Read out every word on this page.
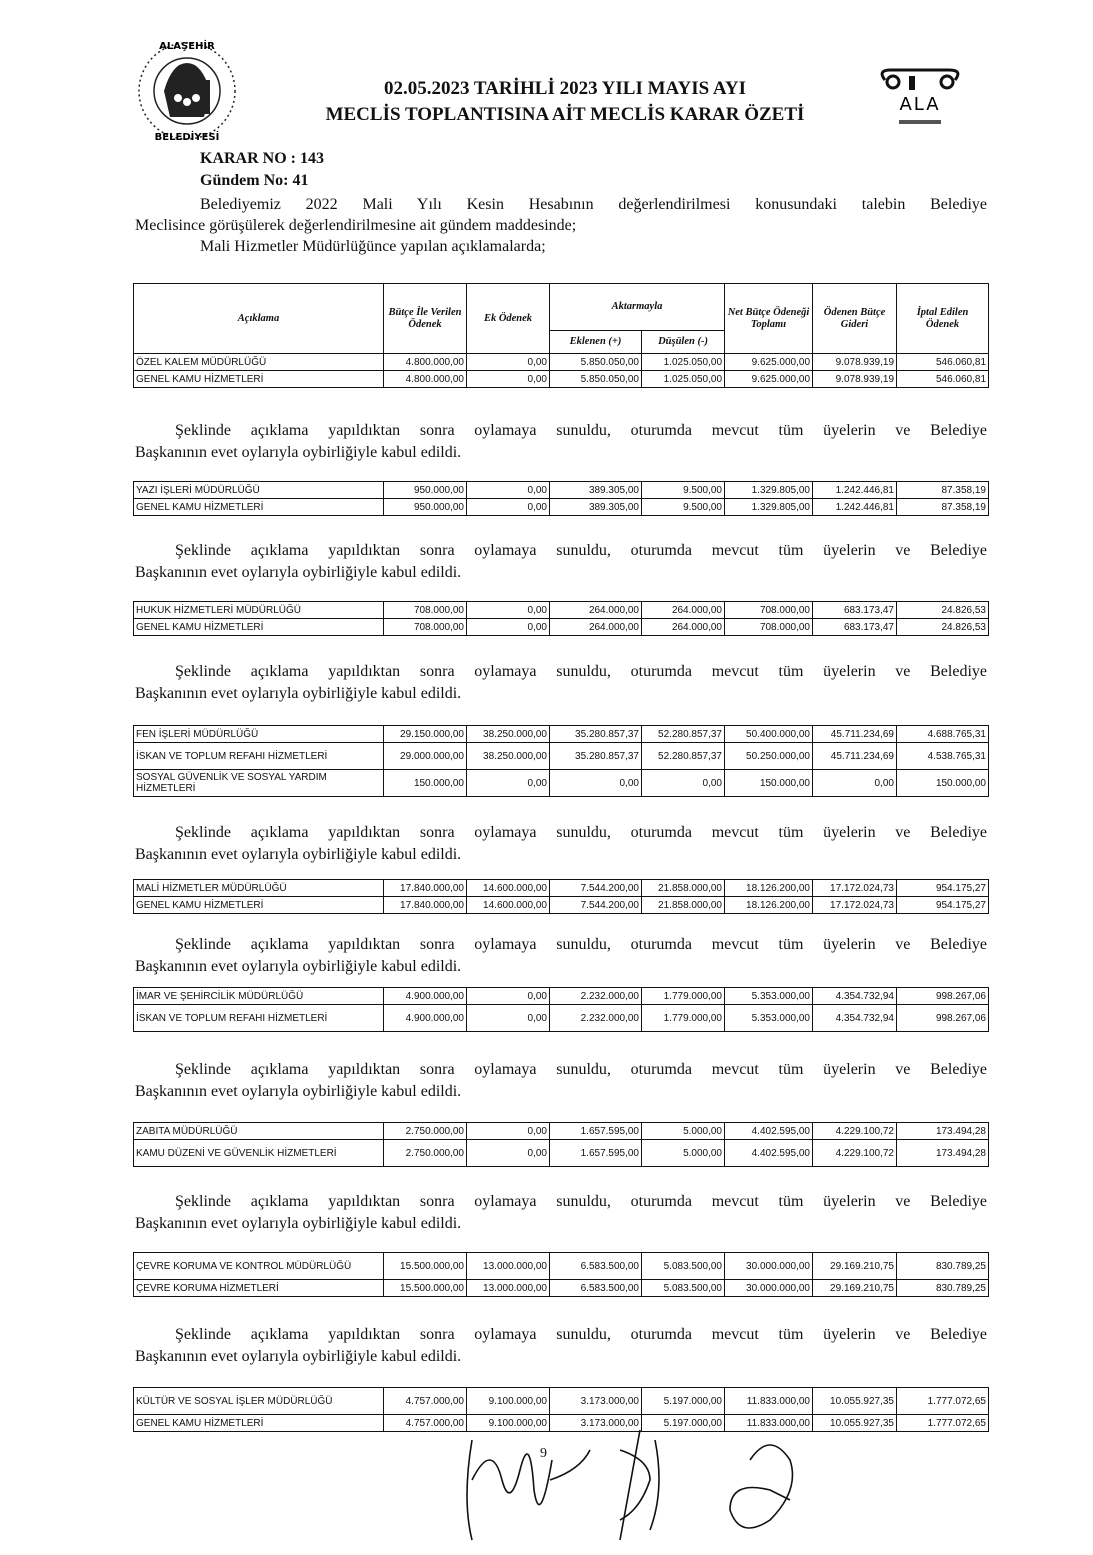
ALAŞEHİR
BELEDİYESİ
ALA
02.05.2023 TARİHLİ 2023 YILI MAYIS AYI
MECLİS TOPLANTISINA AİT MECLİS KARAR ÖZETİ
KARAR NO : 143
Gündem No: 41
Belediyemiz 2022 Mali Yılı Kesin Hesabının değerlendirilmesi konusundaki talebin Belediye
Meclisince görüşülerek değerlendirilmesine ait gündem maddesinde;
Mali Hizmetler Müdürlüğünce yapılan açıklamalarda;
Açıklama	Bütçe İle Verilen Ödenek	Ek Ödenek	Aktarmayla		Net Bütçe Ödeneği Toplamı	Ödenen Bütçe Gideri	İptal Edilen Ödenek
			Eklenen (+)	Düşülen (-)			
ÖZEL KALEM MÜDÜRLÜĞÜ	4.800.000,00	0,00	5.850.050,00	1.025.050,00	9.625.000,00	9.078.939,19	546.060,81
GENEL KAMU HİZMETLERİ	4.800.000,00	0,00	5.850.050,00	1.025.050,00	9.625.000,00	9.078.939,19	546.060,81
Şeklinde açıklama yapıldıktan sonra oylamaya sunuldu, oturumda mevcut tüm üyelerin ve Belediye
Başkanının evet oylarıyla oybirliğiyle kabul edildi.
Şeklinde açıklama yapıldıktan sonra oylamaya sunuldu, oturumda mevcut tüm üyelerin ve Belediye
Başkanının evet oylarıyla oybirliğiyle kabul edildi.
Şeklinde açıklama yapıldıktan sonra oylamaya sunuldu, oturumda mevcut tüm üyelerin ve Belediye
Başkanının evet oylarıyla oybirliğiyle kabul edildi.
Şeklinde açıklama yapıldıktan sonra oylamaya sunuldu, oturumda mevcut tüm üyelerin ve Belediye
Başkanının evet oylarıyla oybirliğiyle kabul edildi.
Şeklinde açıklama yapıldıktan sonra oylamaya sunuldu, oturumda mevcut tüm üyelerin ve Belediye
Başkanının evet oylarıyla oybirliğiyle kabul edildi.
Şeklinde açıklama yapıldıktan sonra oylamaya sunuldu, oturumda mevcut tüm üyelerin ve Belediye
Başkanının evet oylarıyla oybirliğiyle kabul edildi.
Şeklinde açıklama yapıldıktan sonra oylamaya sunuldu, oturumda mevcut tüm üyelerin ve Belediye
Başkanının evet oylarıyla oybirliğiyle kabul edildi.
Şeklinde açıklama yapıldıktan sonra oylamaya sunuldu, oturumda mevcut tüm üyelerin ve Belediye
Başkanının evet oylarıyla oybirliğiyle kabul edildi.
YAZI İŞLERİ MÜDÜRLÜĞÜ	950.000,00	0,00	389.305,00	9.500,00	1.329.805,00	1.242.446,81	87.358,19
GENEL KAMU HİZMETLERİ	950.000,00	0,00	389.305,00	9.500,00	1.329.805,00	1.242.446,81	87.358,19
HUKUK HİZMETLERİ MÜDÜRLÜĞÜ	708.000,00	0,00	264.000,00	264.000,00	708.000,00	683.173,47	24.826,53
GENEL KAMU HİZMETLERİ	708.000,00	0,00	264.000,00	264.000,00	708.000,00	683.173,47	24.826,53
FEN İŞLERİ MÜDÜRLÜĞÜ	29.150.000,00	38.250.000,00	35.280.857,37	52.280.857,37	50.400.000,00	45.711.234,69	4.688.765,31
İSKAN VE TOPLUM REFAHI HİZMETLERİ	29.000.000,00	38.250.000,00	35.280.857,37	52.280.857,37	50.250.000,00	45.711.234,69	4.538.765,31
SOSYAL GÜVENLİK VE SOSYAL YARDIM HİZMETLERİ	150.000,00	0,00	0,00	0,00	150.000,00	0,00	150.000,00
MALİ HİZMETLER MÜDÜRLÜĞÜ	17.840.000,00	14.600.000,00	7.544.200,00	21.858.000,00	18.126.200,00	17.172.024,73	954.175,27
GENEL KAMU HİZMETLERİ	17.840.000,00	14.600.000,00	7.544.200,00	21.858.000,00	18.126.200,00	17.172.024,73	954.175,27
İMAR VE ŞEHİRCİLİK MÜDÜRLÜĞÜ	4.900.000,00	0,00	2.232.000,00	1.779.000,00	5.353.000,00	4.354.732,94	998.267,06
İSKAN VE TOPLUM REFAHI HİZMETLERİ	4.900.000,00	0,00	2.232.000,00	1.779.000,00	5.353.000,00	4.354.732,94	998.267,06
ZABITA MÜDÜRLÜĞÜ	2.750.000,00	0,00	1.657.595,00	5.000,00	4.402.595,00	4.229.100,72	173.494,28
KAMU DÜZENİ VE GÜVENLİK HİZMETLERİ	2.750.000,00	0,00	1.657.595,00	5.000,00	4.402.595,00	4.229.100,72	173.494,28
ÇEVRE KORUMA VE KONTROL MÜDÜRLÜĞÜ	15.500.000,00	13.000.000,00	6.583.500,00	5.083.500,00	30.000.000,00	29.169.210,75	830.789,25
ÇEVRE KORUMA HİZMETLERİ	15.500.000,00	13.000.000,00	6.583.500,00	5.083.500,00	30.000.000,00	29.169.210,75	830.789,25
KÜLTÜR VE SOSYAL İŞLER MÜDÜRLÜĞÜ	4.757.000,00	9.100.000,00	3.173.000,00	5.197.000,00	11.833.000,00	10.055.927,35	1.777.072,65
GENEL KAMU HİZMETLERİ	4.757.000,00	9.100.000,00	3.173.000,00	5.197.000,00	11.833.000,00	10.055.927,35	1.777.072,65
9
